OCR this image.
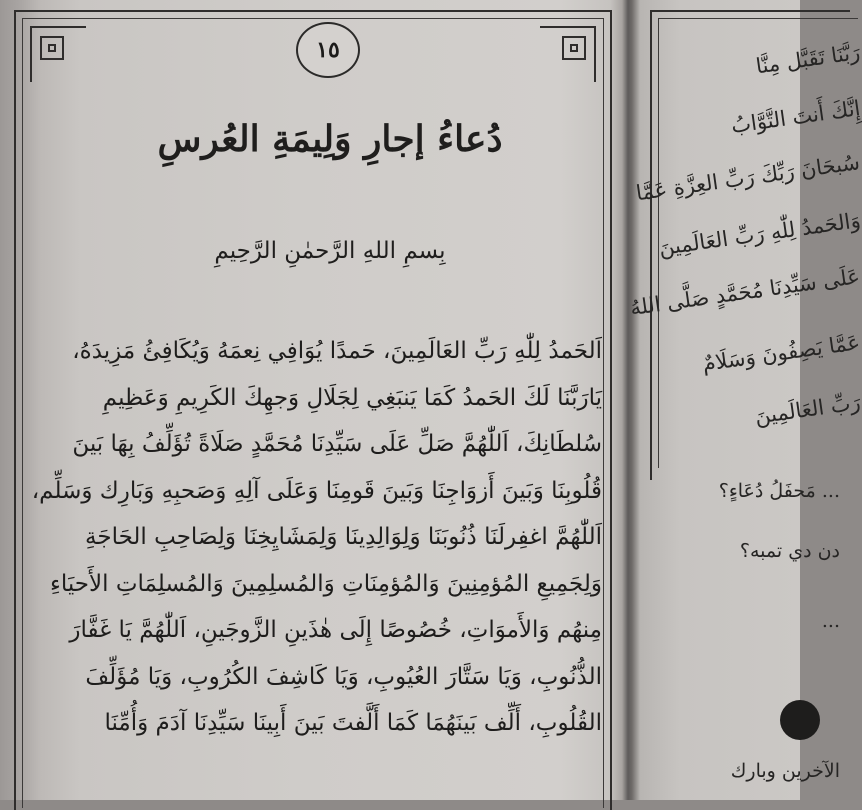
١٥
دُعاءُ إجارِ وَلِيمَةِ العُرسِ
بِسمِ اللهِ الرَّحمٰنِ الرَّحِيمِ
اَلحَمدُ لِلّٰهِ رَبِّ العَالَمِينَ، حَمدًا يُوَافِي نِعمَهُ وَيُكَافِئُ مَزِيدَهُ،
يَارَبَّنَا لَكَ الحَمدُ كَمَا يَنبَغِي لِجَلَالِ وَجهِكَ الكَرِيمِ وَعَظِيمِ
سُلطَانِكَ، اَللّٰهُمَّ صَلِّ عَلَى سَيِّدِنَا مُحَمَّدٍ صَلَاةً تُؤَلِّفُ بِهَا بَينَ
قُلُوبِنَا وَبَينَ أَزوَاجِنَا وَبَينَ قَومِنَا وَعَلَى آلِهِ وَصَحبِهِ وَبَارِك وَسَلِّم،
اَللّٰهُمَّ اغفِرلَنَا ذُنُوبَنَا وَلِوَالِدِينَا وَلِمَشَايِخِنَا وَلِصَاحِبِ الحَاجَةِ
وَلِجَمِيعِ المُؤمِنِينَ وَالمُؤمِنَاتِ وَالمُسلِمِينَ وَالمُسلِمَاتِ الأَحيَاءِ
مِنهُم وَالأَموَاتِ، خُصُوصًا إِلَى هٰذَينِ الزَّوجَينِ، اَللّٰهُمَّ يَا غَفَّارَ
الذُّنُوبِ، وَيَا سَتَّارَ العُيُوبِ، وَيَا كَاشِفَ الكُرُوبِ، وَيَا مُؤَلِّفَ
القُلُوبِ، أَلِّف بَينَهُمَا كَمَا أَلَّفتَ بَينَ أَبِينَا سَيِّدِنَا آدَمَ وَأُمِّنَا
رَبَّنَا تَقَبَّل مِنَّا
إِنَّكَ أَنتَ التَّوَّابُ
سُبحَانَ رَبِّكَ رَبِّ العِزَّةِ عَمَّا
وَالحَمدُ لِلّٰهِ رَبِّ العَالَمِينَ
عَلَى سَيِّدِنَا مُحَمَّدٍ صَلَّى اللهُ
عَمَّا يَصِفُونَ وَسَلَامٌ
رَبِّ العَالَمِينَ
... مَحفَلُ دُعَاءٍ؟
دن دي تمبه؟
...
الآخرين وبارك
